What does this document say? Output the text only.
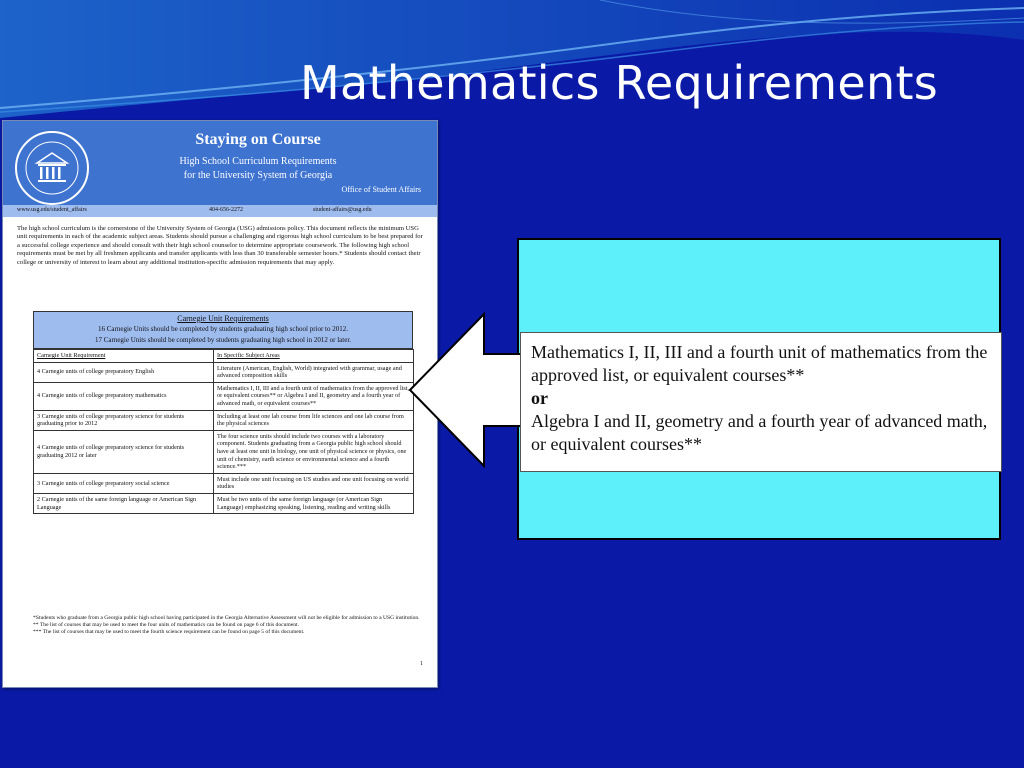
Mathematics Requirements
Staying on Course
High School Curriculum Requirements
for the University System of Georgia
Office of Student Affairs
www.usg.edu/student_affairs	404-656-2272	student-affairs@usg.edu
The high school curriculum is the cornerstone of the University System of Georgia (USG) admissions policy. This document reflects the minimum USG unit requirements in each of the academic subject areas. Students should pursue a challenging and rigorous high school curriculum to be best prepared for a successful college experience and should consult with their high school counselor to determine appropriate coursework. The following high school requirements must be met by all freshmen applicants and transfer applicants with less than 30 transferable semester hours.* Students should contact their college or university of interest to learn about any additional institution-specific admission requirements that may apply.
Carnegie Unit Requirements
16 Carnegie Units should be completed by students graduating high school prior to 2012.
17 Carnegie Units should be completed by students graduating high school in 2012 or later.
Carnegie Unit Requirement	In Specific Subject Areas
4 Carnegie units of college preparatory English	Literature (American, English, World) integrated with grammar, usage and advanced composition skills
4 Carnegie units of college preparatory mathematics	Mathematics I, II, III and a fourth unit of mathematics from the approved list, or equivalent courses** or Algebra I and II, geometry and a fourth year of advanced math, or equivalent courses**
3 Carnegie units of college preparatory science for students graduating prior to 2012	Including at least one lab course from life sciences and one lab course from the physical sciences
4 Carnegie units of college preparatory science for students graduating 2012 or later	The four science units should include two courses with a laboratory component. Students graduating from a Georgia public high school should have at least one unit in biology, one unit of physical science or physics, one unit of chemistry, earth science or environmental science and a fourth science.***
3 Carnegie units of college preparatory social science	Must include one unit focusing on US studies and one unit focusing on world studies
2 Carnegie units of the same foreign language or American Sign Language	Must be two units of the same foreign language (or American Sign Language) emphasizing speaking, listening, reading and writing skills
*Students who graduate from a Georgia public high school having participated in the Georgia Alternative Assessment will not be eligible for admission to a USG institution.
** The list of courses that may be used to meet the four units of mathematics can be found on page 6 of this document.
*** The list of courses that may be used to meet the fourth science requirement can be found on page 5 of this document.
1
Mathematics I, II, III and a fourth unit of mathematics from the approved list, or equivalent courses**
or
Algebra I and II, geometry and a fourth year of advanced math, or equivalent courses**
